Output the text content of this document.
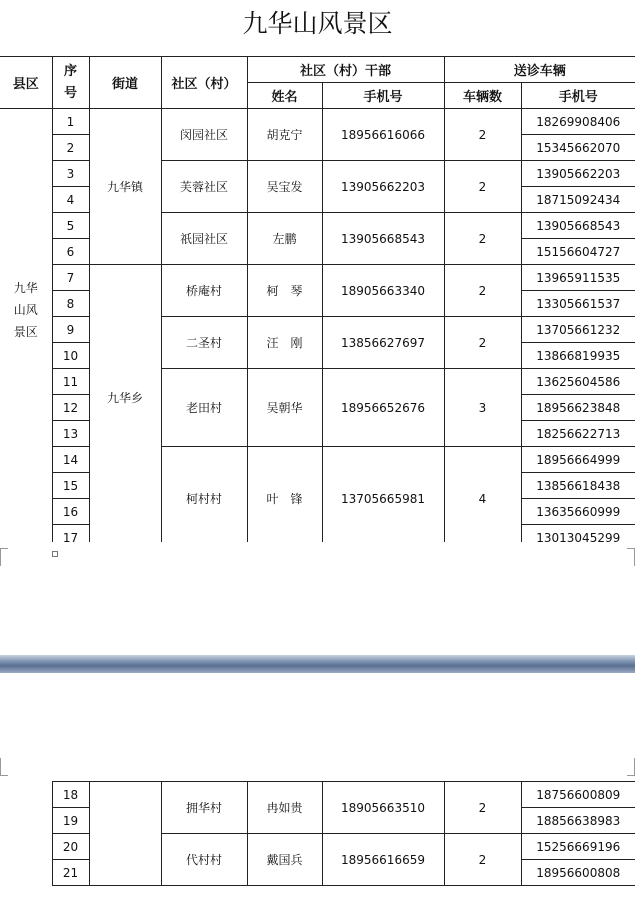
九华山风景区
县区	序号	街道	社区（村）	社区（村）干部		送诊车辆	
				姓名	手机号	车辆数	手机号
九华山风景区	1	九华镇	闵园社区	胡克宁	18956616066	2	18269908406
	2						15345662070
	3		芙蓉社区	吴宝发	13905662203	2	13905662203
	4						18715092434
	5		祇园社区	左鹏	13905668543	2	13905668543
	6						15156604727
	7	九华乡	桥庵村	柯　琴	18905663340	2	13965911535
	8						13305661537
	9		二圣村	汪　刚	13856627697	2	13705661232
	10						13866819935
	11		老田村	吴朝华	18956652676	3	13625604586
	12						18956623848
	13						18256622713
	14		柯村村	叶　锋	13705665981	4	18956664999
	15						13856618438
	16						13635660999
	17						13013045299
	18		拥华村	冉如贵	18905663510	2	18756600809
	19						18856638983
	20		代村村	戴国兵	18956616659	2	15256669196
	21						18956600808
